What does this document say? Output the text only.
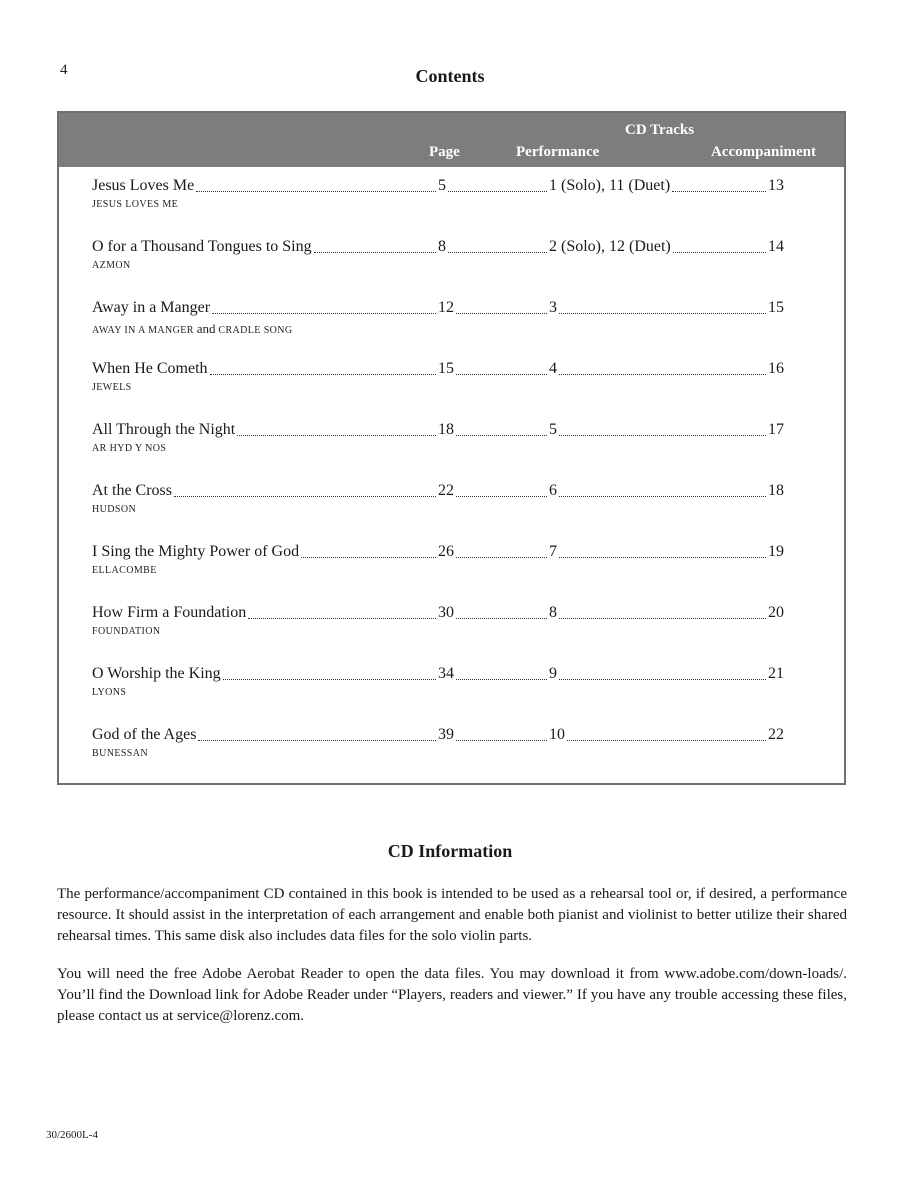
4	Contents
CD Tracks
Page	Performance	Accompaniment
Jesus Loves Me	5	1 (Solo), 11 (Duet)	13
JESUS LOVES ME
O for a Thousand Tongues to Sing	8	2 (Solo), 12 (Duet)	14
AZMON
Away in a Manger	12	3	15
AWAY IN A MANGER and CRADLE SONG
When He Cometh	15	4	16
JEWELS
All Through the Night	18	5	17
AR HYD Y NOS
At the Cross	22	6	18
HUDSON
I Sing the Mighty Power of God	26	7	19
ELLACOMBE
How Firm a Foundation	30	8	20
FOUNDATION
O Worship the King	34	9	21
LYONS
God of the Ages	39	10	22
BUNESSAN
CD Information
The performance/accompaniment CD contained in this book is intended to be used as a rehearsal tool or, if desired, a performance resource. It should assist in the interpretation of each arrangement and enable both pianist and violinist to better utilize their shared rehearsal times. This same disk also includes data files for the solo violin parts.
You will need the free Adobe Aerobat Reader to open the data files. You may download it from www.adobe.com/down-loads/. You’ll find the Download link for Adobe Reader under “Players, readers and viewer.” If you have any trouble accessing these files, please contact us at service@lorenz.com.
30/2600L-4
